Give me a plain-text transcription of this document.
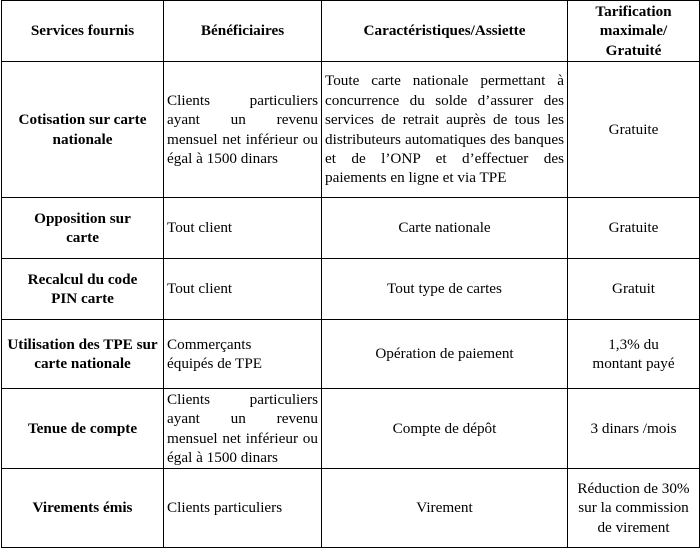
Services fournis	Bénéficiaires	Caractéristiques/Assiette	Tarification maximale/ Gratuité
Cotisation sur carte nationale	Clients particuliers ayant un revenu mensuel net inférieur ou égal à 1500 dinars	Toute carte nationale permettant à concurrence du solde d’assurer des services de retrait auprès de tous les distributeurs automatiques des banques et de l’ONP et d’effectuer des paiements en ligne et via TPE	Gratuite
Opposition sur carte	Tout client	Carte nationale	Gratuite
Recalcul du code PIN carte	Tout client	Tout type de cartes	Gratuit
Utilisation des TPE sur carte nationale	Commerçants équipés de TPE	Opération de paiement	1,3% du montant payé
Tenue de compte	Clients particuliers ayant un revenu mensuel net inférieur ou égal à 1500 dinars	Compte de dépôt	3 dinars /mois
Virements émis	Clients particuliers	Virement	Réduction de 30% sur la commission de virement
